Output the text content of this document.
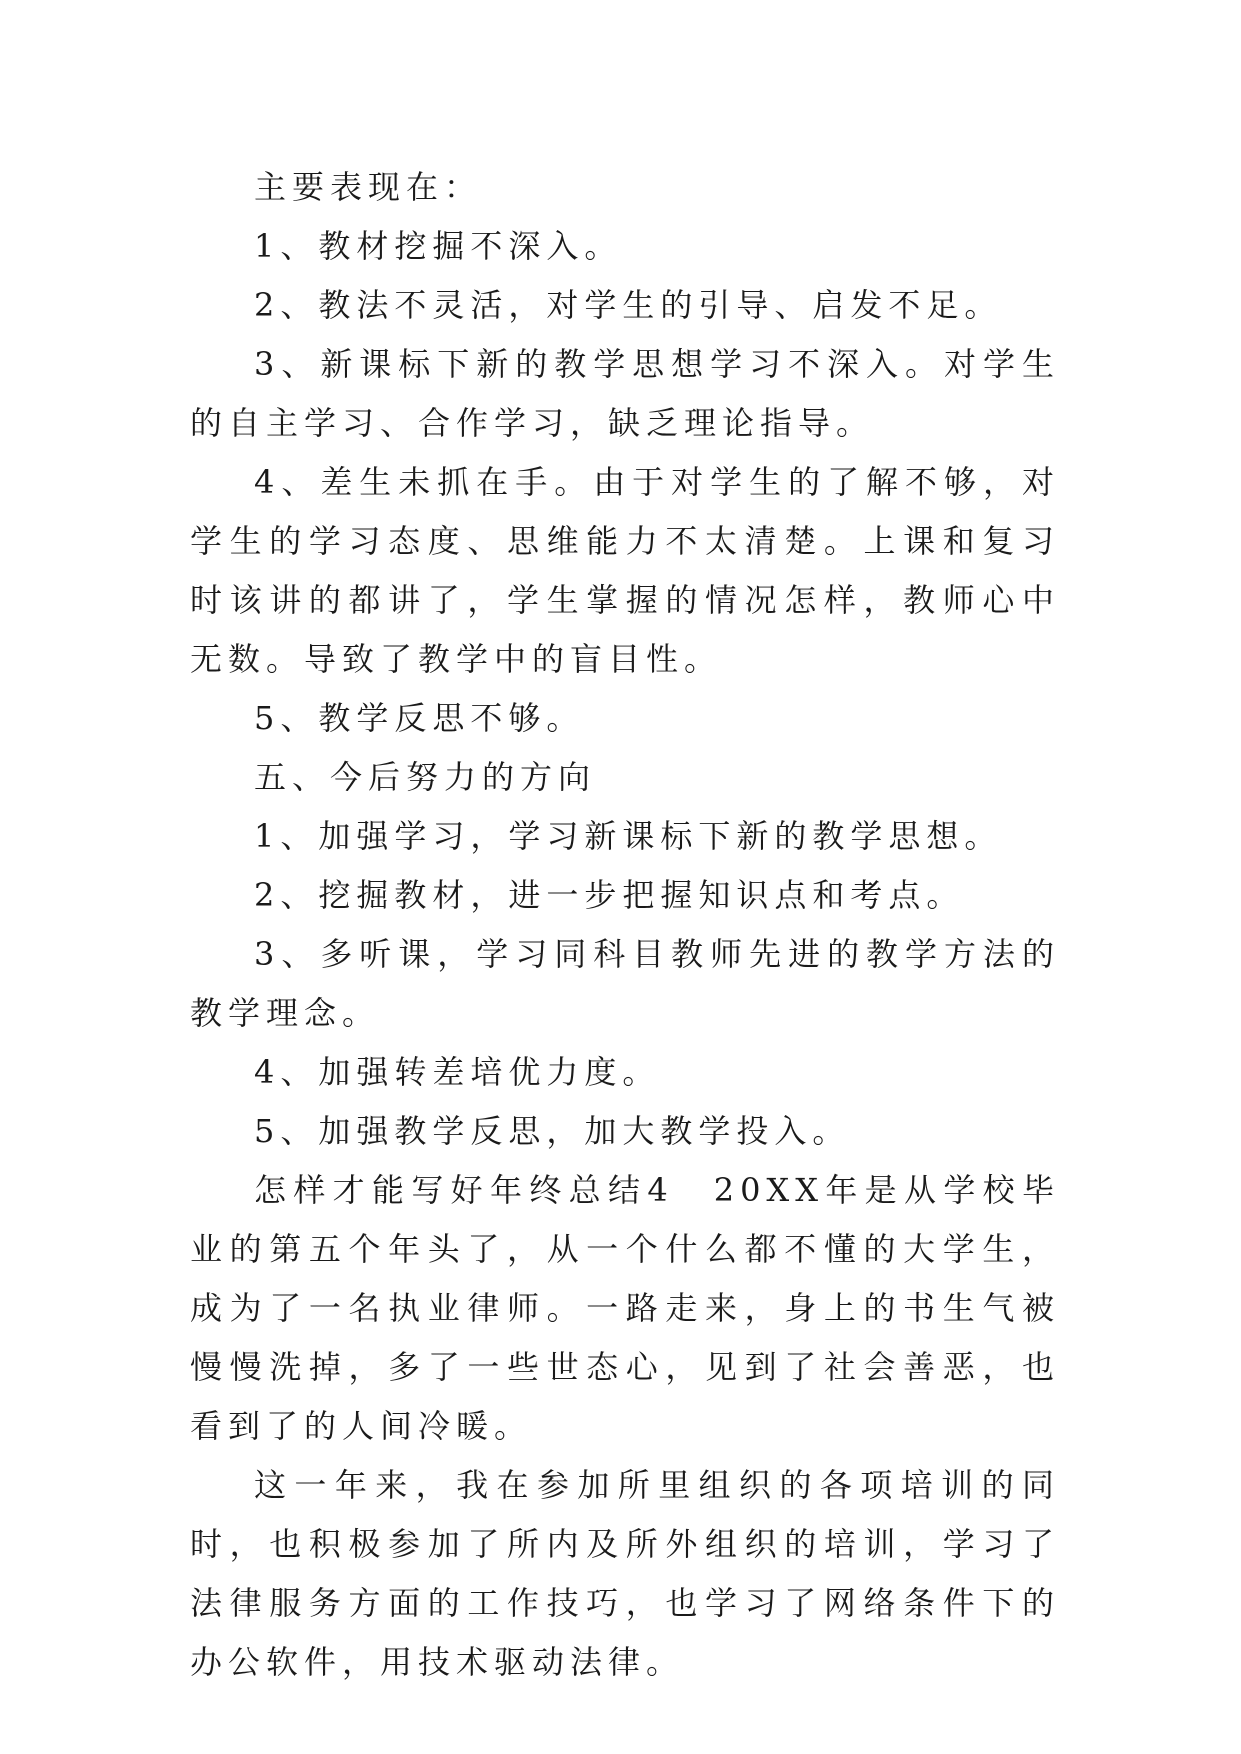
主要表现在：

1、教材挖掘不深入。

2、教法不灵活，对学生的引导、启发不足。

3、新课标下新的教学思想学习不深入。对学生的自主学习、合作学习，缺乏理论指导。

4、差生未抓在手。由于对学生的了解不够，对学生的学习态度、思维能力不太清楚。上课和复习时该讲的都讲了，学生掌握的情况怎样，教师心中无数。导致了教学中的盲目性。

5、教学反思不够。

五、今后努力的方向

1、加强学习，学习新课标下新的教学思想。

2、挖掘教材，进一步把握知识点和考点。

3、多听课，学习同科目教师先进的教学方法的教学理念。

4、加强转差培优力度。

5、加强教学反思，加大教学投入。

怎样才能写好年终总结4 20XX年是从学校毕业的第五个年头了，从一个什么都不懂的大学生，成为了一名执业律师。一路走来，身上的书生气被慢慢洗掉，多了一些世态心，见到了社会善恶，也看到了的人间冷暖。

这一年来，我在参加所里组织的各项培训的同时，也积极参加了所内及所外组织的培训，学习了法律服务方面的工作技巧，也学习了网络条件下的办公软件，用技术驱动法律。
